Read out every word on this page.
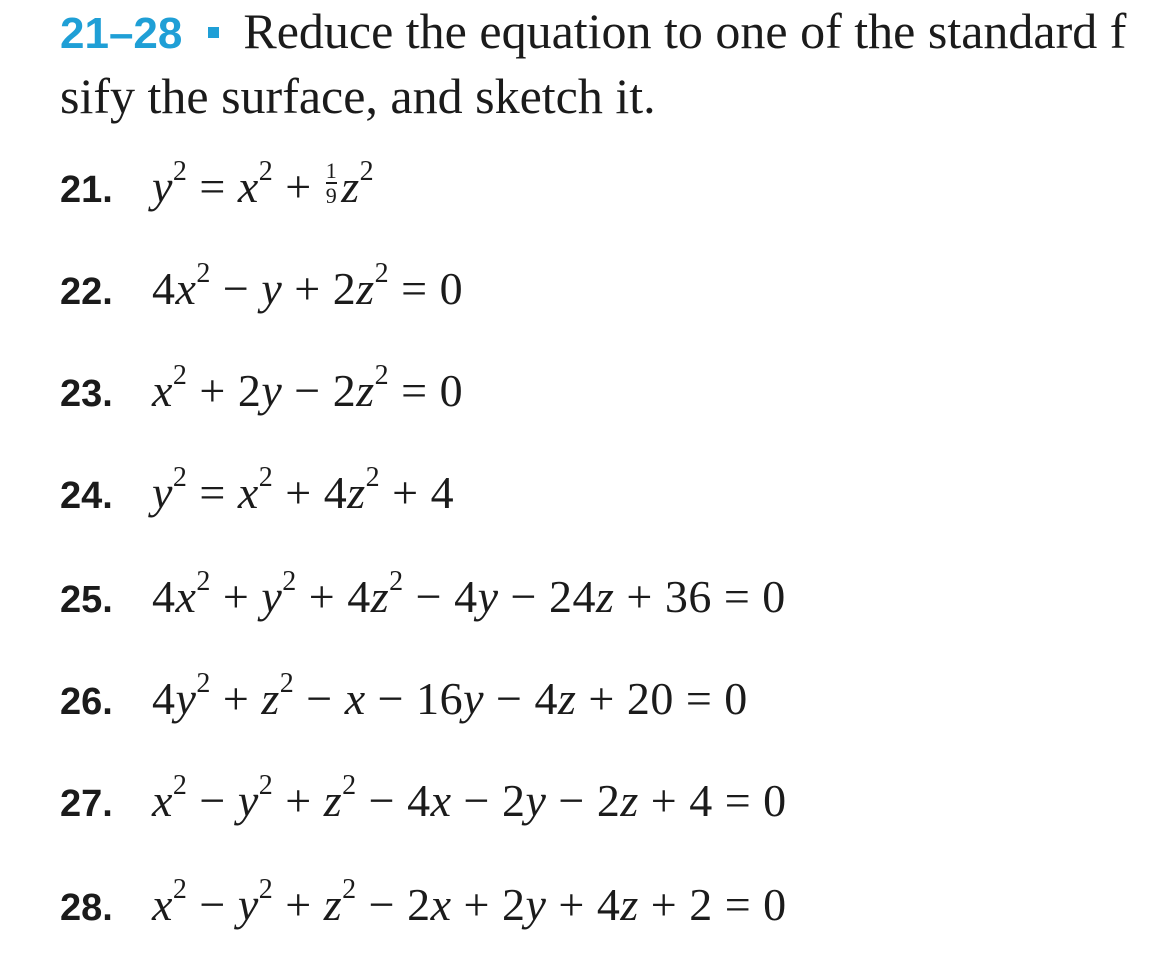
21–28 Reduce the equation to one of the standard f
sify the surface, and sketch it.
21. $y^2 = x^2 + \frac{1}{9} z^2$
22. $4x^2 - y + 2z^2 = 0$
23. $x^2 + 2y - 2z^2 = 0$
24. $y^2 = x^2 + 4z^2 + 4$
25. $4x^2 + y^2 + 4z^2 - 4y - 24z + 36 = 0$
26. $4y^2 + z^2 - x - 16y - 4z + 20 = 0$
27. $x^2 - y^2 + z^2 - 4x - 2y - 2z + 4 = 0$
28. $x^2 - y^2 + z^2 - 2x + 2y + 4z + 2 = 0$
